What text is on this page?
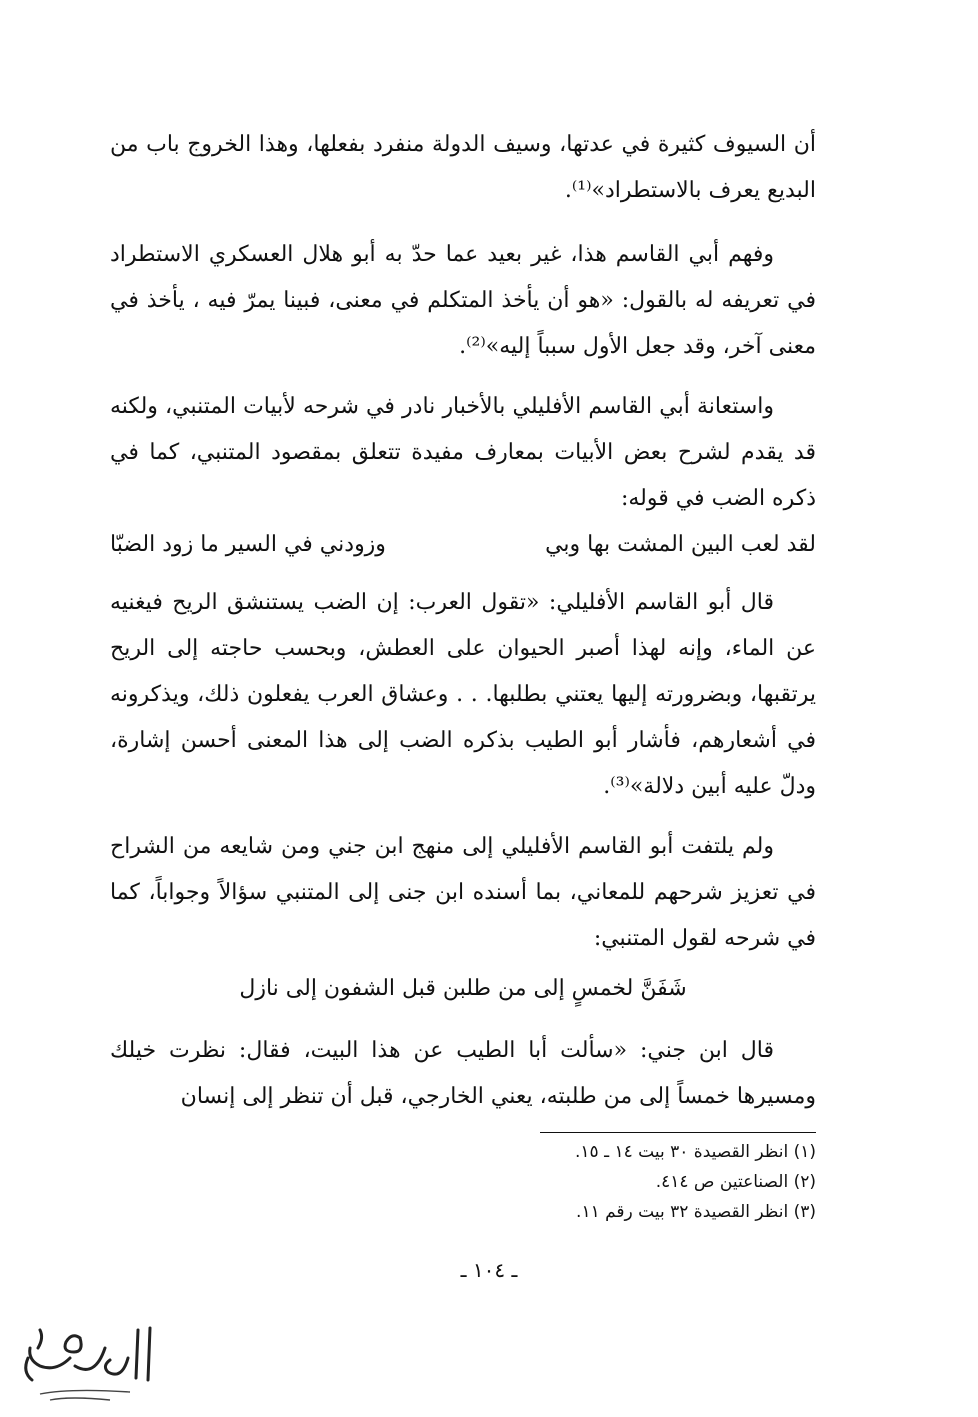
أن السيوف كثيرة في عدتها، وسيف الدولة منفرد بفعلها، وهذا الخروج باب من البديع يعرف بالاستطراد»⁽¹⁾.

وفهم أبي القاسم هذا، غير بعيد عما حدّ به أبو هلال العسكري الاستطراد في تعريفه له بالقول: «هو أن يأخذ المتكلم في معنى، فبينا يمرّ فيه ، يأخذ في معنى آخر، وقد جعل الأول سبباً إليه»⁽²⁾.

واستعانة أبي القاسم الأفليلي بالأخبار نادر في شرحه لأبيات المتنبي، ولكنه قد يقدم لشرح بعض الأبيات بمعارف مفيدة تتعلق بمقصود المتنبي، كما في ذكره الضب في قوله:

لقد لعب البين المشت بها وبي
وزودني في السير ما زود الضبّا

قال أبو القاسم الأفليلي: «تقول العرب: إن الضب يستنشق الريح فيغنيه عن الماء، وإنه لهذا أصبر الحيوان على العطش، وبحسب حاجته إلى الريح يرتقبها، وبضرورته إليها يعتني بطلبها. . . وعشاق العرب يفعلون ذلك، ويذكرونه في أشعارهم، فأشار أبو الطيب بذكره الضب إلى هذا المعنى أحسن إشارة، ودلّ عليه أبين دلالة»⁽³⁾.

ولم يلتفت أبو القاسم الأفليلي إلى منهج ابن جني ومن شايعه من الشراح في تعزيز شرحهم للمعاني، بما أسنده ابن جنى إلى المتنبي سؤالاً وجواباً، كما في شرحه لقول المتنبي:

شَفَنَّ لخمسٍ إلى من طلبن قبل الشفون إلى نازل

قال ابن جني: «سألت أبا الطيب عن هذا البيت، فقال: نظرت خيلك ومسيرها خمساً إلى من طلبته، يعني الخارجي، قبل أن تنظر إلى إنسان

(١) انظر القصيدة ٣٠ بيت ١٤ ـ ١٥.
(٢) الصناعتين ص ٤١٤.
(٣) انظر القصيدة ٣٢ بيت رقم ١١.
ـ ١٠٤ ـ
